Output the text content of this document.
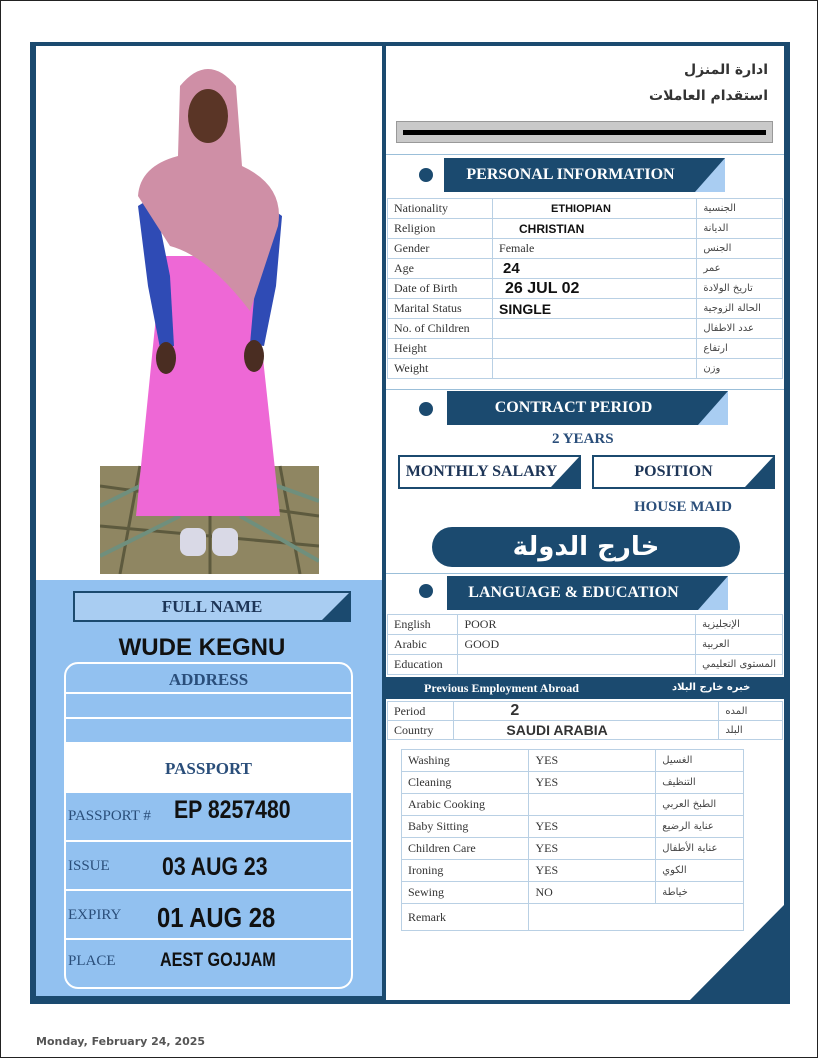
FULL NAME
WUDE KEGNU
ADDRESS
PASSPORT
PASSPORT # EP 8257480
ISSUE 03 AUG 23
EXPIRY 01 AUG 28
PLACE AEST GOJJAM
ادارة المنزل
استقدام العاملات
PERSONAL INFORMATION
Nationality	ETHIOPIAN	الجنسية
Religion	CHRISTIAN	الديانة
Gender	Female	الجنس
Age	24	عمر
Date of Birth	26 JUL 02	تاريخ الولادة
Marital Status	SINGLE	الحالة الزوجية
No. of Children		عدد الاطفال
Height		ارتفاع
Weight		وزن
CONTRACT PERIOD
2 YEARS
MONTHLY SALARY	POSITION
HOUSE MAID
خارج الدولة
LANGUAGE & EDUCATION
English	POOR	الإنجليزية
Arabic	GOOD	العربية
Education		المستوى التعليمي
Previous Employment Abroad	خبره خارج البلاد
Period	2	المده
Country	SAUDI ARABIA	البلد
Washing	YES	الغسيل
Cleaning	YES	التنظيف
Arabic Cooking		الطبخ العربي
Baby Sitting	YES	عناية الرضيع
Children Care	YES	عناية الأطفال
Ironing	YES	الكوي
Sewing	NO	خياطة
Remark		
Monday, February 24, 2025
